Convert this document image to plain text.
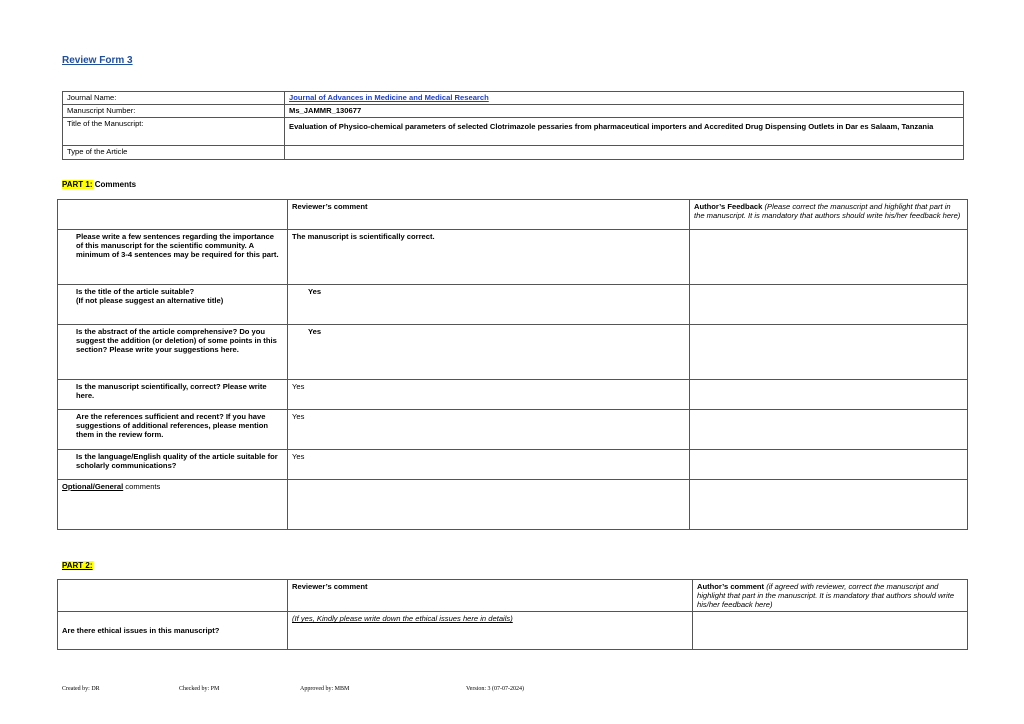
Review Form 3
Journal Name:	Journal of Advances in Medicine and Medical Research
Manuscript Number:	Ms_JAMMR_130677
Title of the Manuscript:	Evaluation of Physico-chemical parameters of selected Clotrimazole pessaries from pharmaceutical importers and Accredited Drug Dispensing Outlets in Dar es Salaam, Tanzania
Type of the Article	
PART 1: Comments
	Reviewer’s comment	Author’s Feedback (Please correct the manuscript and highlight that part in the manuscript. It is mandatory that authors should write his/her feedback here)
Please write a few sentences regarding the importance of this manuscript for the scientific community. A minimum of 3-4 sentences may be required for this part.	The manuscript is scientifically correct.	
Is the title of the article suitable?
(If not please suggest an alternative title)	Yes	
Is the abstract of the article comprehensive? Do you suggest the addition (or deletion) of some points in this section? Please write your suggestions here.	Yes	
Is the manuscript scientifically, correct? Please write here.	Yes	
Are the references sufficient and recent? If you have suggestions of additional references, please mention them in the review form.	Yes	
Is the language/English quality of the article suitable for scholarly communications?	Yes	
Optional/General comments		
PART 2:
	Reviewer’s comment	Author’s comment (if agreed with reviewer, correct the manuscript and highlight that part in the manuscript. It is mandatory that authors should write his/her feedback here)
Are there ethical issues in this manuscript?	(If yes, Kindly please write down the ethical issues here in details)	
Created by: DR	Checked by: PM	Approved by: MBM	Version: 3 (07-07-2024)
